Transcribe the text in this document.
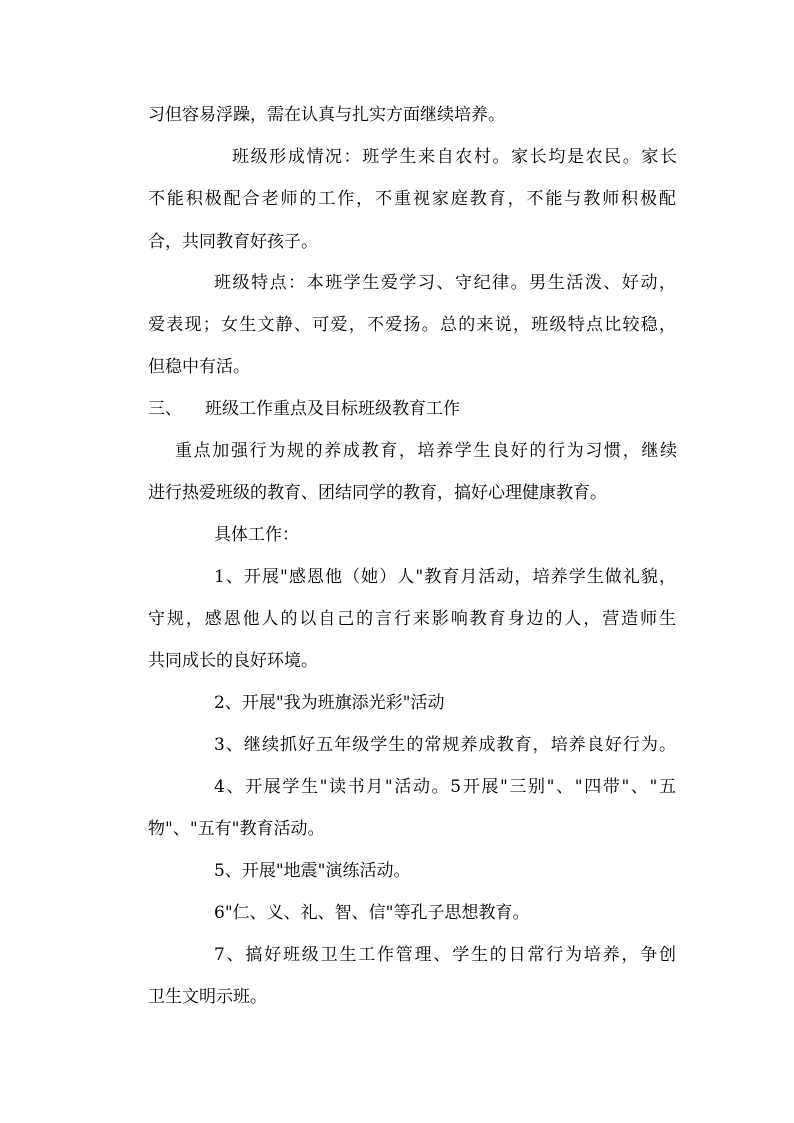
习但容易浮躁，需在认真与扎实方面继续培养。
班级形成情况：班学生来自农村。家长均是农民。家长
不能积极配合老师的工作，不重视家庭教育，不能与教师积极配
合，共同教育好孩子。
班级特点：本班学生爱学习、守纪律。男生活泼、好动，
爱表现；女生文静、可爱，不爱扬。总的来说，班级特点比较稳，
但稳中有活。
三、 班级工作重点及目标班级教育工作
重点加强行为规的养成教育，培养学生良好的行为习惯，继续
进行热爱班级的教育、团结同学的教育，搞好心理健康教育。
具体工作：
1、开展"感恩他（她）人"教育月活动，培养学生做礼貌，
守规，感恩他人的以自己的言行来影响教育身边的人，营造师生
共同成长的良好环境。
2、开展"我为班旗添光彩"活动
3、继续抓好五年级学生的常规养成教育，培养良好行为。
4、开展学生"读书月"活动。5开展"三别"、"四带"、"五
物"、"五有"教育活动。
5、开展"地震"演练活动。
6"仁、义、礼、智、信"等孔子思想教育。
7、搞好班级卫生工作管理、学生的日常行为培养，争创
卫生文明示班。
